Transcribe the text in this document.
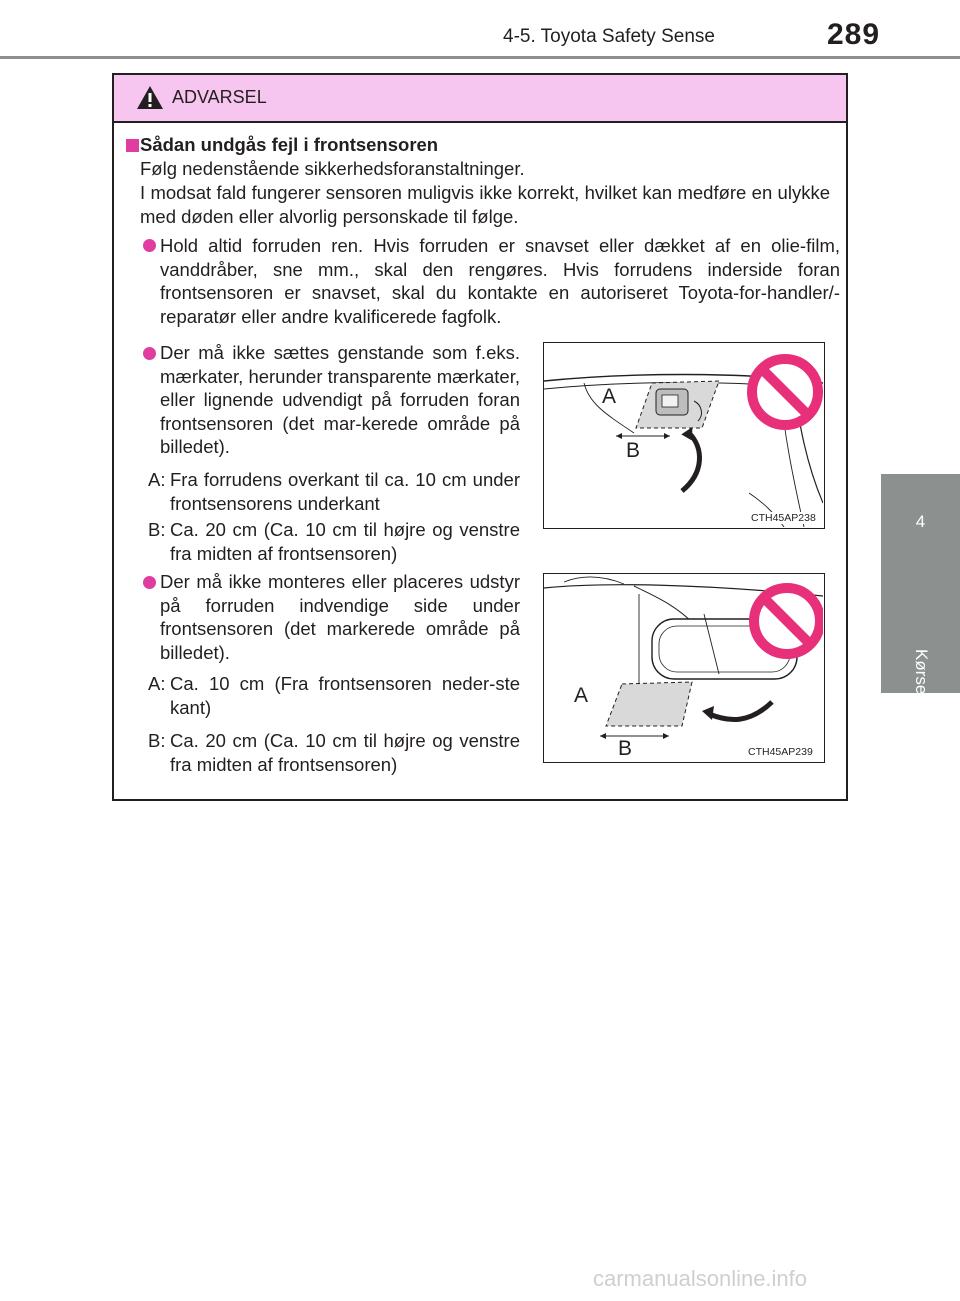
4-5. Toyota Safety Sense	289
4
Kørsel
ADVARSEL
Sådan undgås fejl i frontsensoren
Følg nedenstående sikkerhedsforanstaltninger.
I modsat fald fungerer sensoren muligvis ikke korrekt, hvilket kan medføre en ulykke med døden eller alvorlig personskade til følge.
Hold altid forruden ren. Hvis forruden er snavset eller dækket af en olie-film, vanddråber, sne mm., skal den rengøres. Hvis forrudens inderside foran frontsensoren er snavset, skal du kontakte en autoriseret Toyota-for-handler/-reparatør eller andre kvalificerede fagfolk.
Der må ikke sættes genstande som f.eks. mærkater, herunder transparente mærkater, eller lignende udvendigt på forruden foran frontsensoren (det mar-kerede område på billedet).
A: Fra forrudens overkant til ca. 10 cm under frontsensorens underkant
B: Ca. 20 cm (Ca. 10 cm til højre og venstre fra midten af frontsensoren)
Der må ikke monteres eller placeres udstyr på forruden indvendige side under frontsensoren (det markerede område på billedet).
A: Ca. 10 cm (Fra frontsensoren neder-ste kant)
B: Ca. 20 cm (Ca. 10 cm til højre og venstre fra midten af frontsensoren)
A
B
CTH45AP238
A
B	CTH45AP239
carmanualsonline.info
